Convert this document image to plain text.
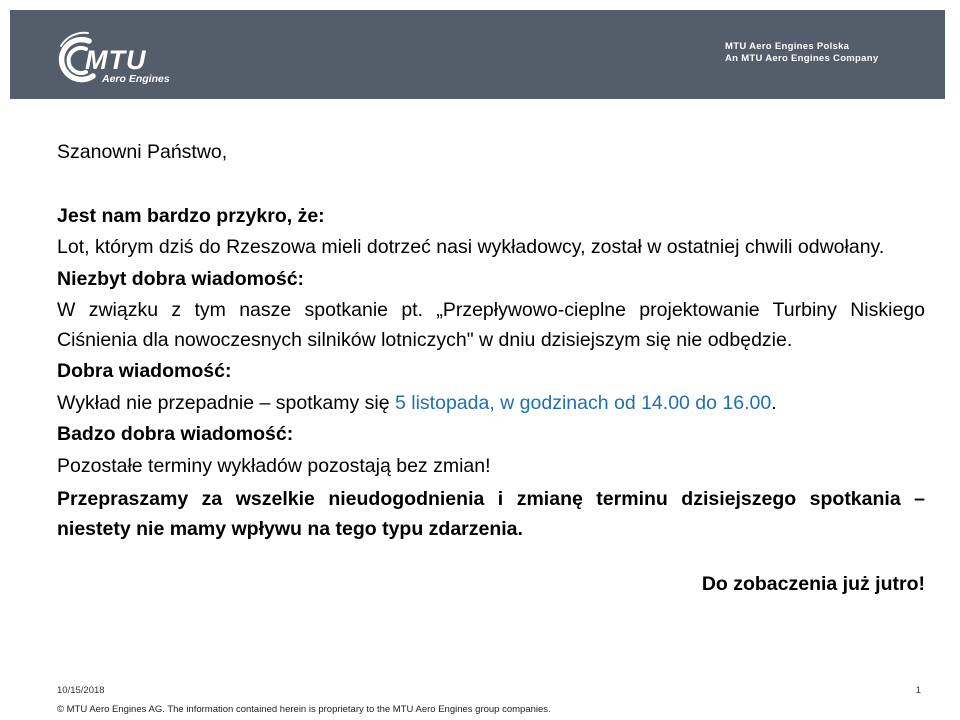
MTU
Aero Engines
MTU Aero Engines Polska
An MTU Aero Engines Company

Szanowni Państwo,

Jest nam bardzo przykro, że:

Lot, którym dziś do Rzeszowa mieli dotrzeć nasi wykładowcy, został w ostatniej chwili odwołany.

Niezbyt dobra wiadomość:

W związku z tym nasze spotkanie pt. „Przepływowo-cieplne projektowanie Turbiny Niskiego Ciśnienia dla nowoczesnych silników lotniczych" w dniu dzisiejszym się nie odbędzie.

Dobra wiadomość:

Wykład nie przepadnie – spotkamy się 5 listopada, w godzinach od 14.00 do 16.00.

Badzo dobra wiadomość:

Pozostałe terminy wykładów pozostają bez zmian!

Przepraszamy za wszelkie nieudogodnienia i zmianę terminu dzisiejszego spotkania – niestety nie mamy wpływu na tego typu zdarzenia.

Do zobaczenia już jutro!

10/15/2018	1
© MTU Aero Engines AG. The information contained herein is proprietary to the MTU Aero Engines group companies.
